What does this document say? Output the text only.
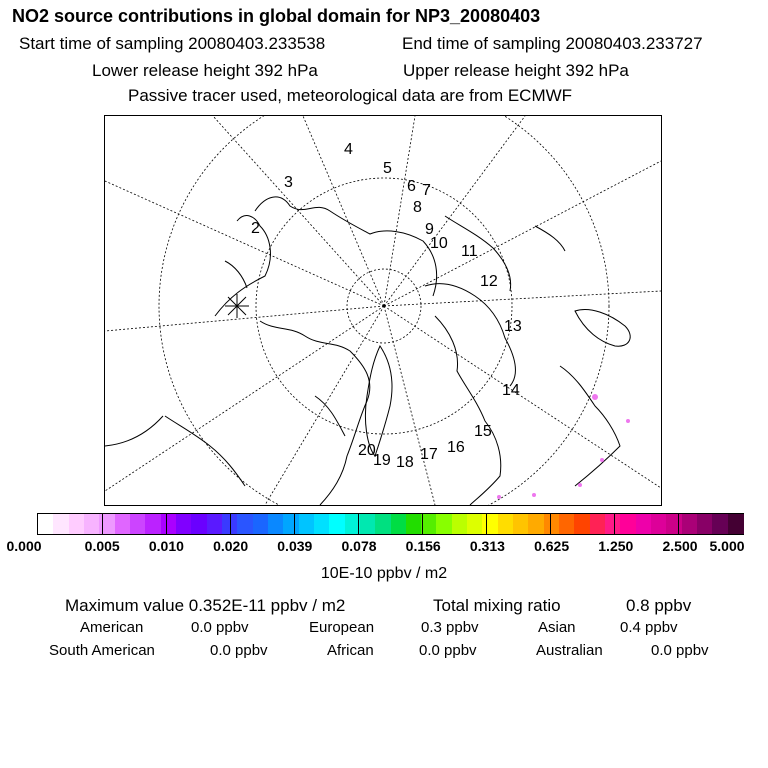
NO2 source contributions in global domain for NP3_20080403
Start time of sampling 20080403.233538	End time of sampling 20080403.233727
Lower release height 392 hPa	Upper release height 392 hPa
Passive tracer used, meteorological data are from ECMWF
2
3
4
5
6 7
8
9
10 11
12
13
14
15
16
17
18
19
20
0.000	0.005 0.010 0.020 0.039 0.078 0.156 0.313 0.625 1.250 2.500 5.000
10E-10 ppbv / m2
Maximum value 0.352E-11 ppbv / m2	Total mixing ratio	0.8 ppbv
American	0.0 ppbv	European	0.3 ppbv	Asian	0.4 ppbv
South American	0.0 ppbv	African	0.0 ppbv	Australian	0.0 ppbv
